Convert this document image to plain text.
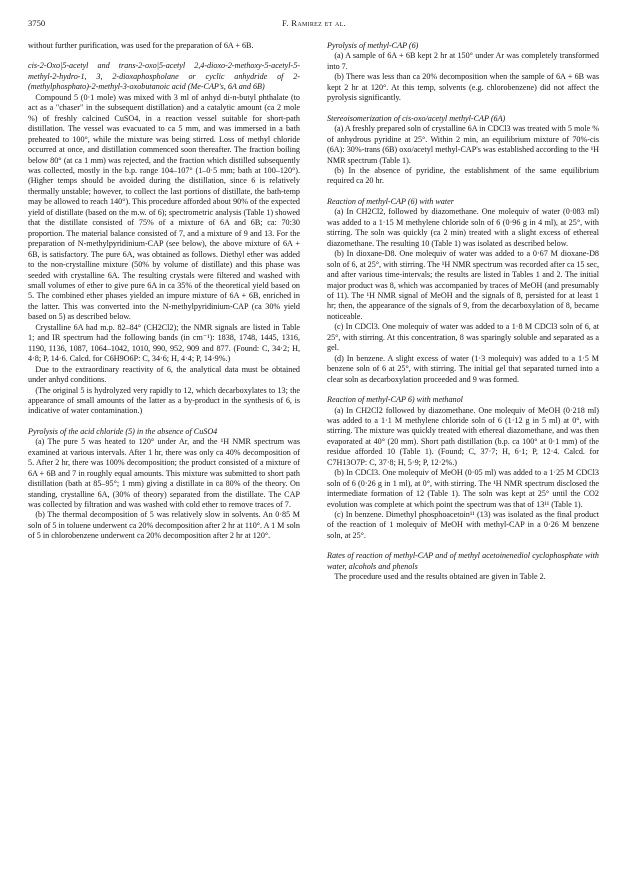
3750	F. Ramirez et al.

without further purification, was used for the preparation of 6A + 6B.

cis-2-Oxo|5-acetyl and trans-2-oxo|5-acetyl 2,4-dioxo-2-methoxy-5-acetyl-5-methyl-2-hydro-1, 3, 2-dioxaphospholane or cyclic anhydride of 2-(methylphosphato)-2-methyl-3-oxobutanoic acid (Me-CAP's, 6A and 6B)

Compound 5 (0·1 mole) was mixed with 3 ml of anhyd di-n-butyl phthalate (to act as a "chaser" in the subsequent distillation) and a catalytic amount (ca 2 mole %) of freshly calcined CuSO4, in a reaction vessel suitable for short-path distillation. The vessel was evacuated to ca 5 mm, and was immersed in a bath preheated to 100°, while the mixture was being stirred. Loss of methyl chloride occurred at once, and distillation commenced soon thereafter. The fraction boiling below 80° (at ca 1 mm) was rejected, and the fraction which distilled subsequently was collected, mostly in the b.p. range 104–107° (1–0·5 mm; bath at 100–120°). (Higher temps should be avoided during the distillation, since 6 is relatively thermally unstable; however, to collect the last portions of distillate, the bath-temp may be allowed to reach 140°). This procedure afforded about 90% of the expected yield of distillate (based on the m.w. of 6); spectrometric analysis (Table 1) showed that the distillate consisted of 75% of a mixture of 6A and 6B; ca: 70:30 proportion. The material balance consisted of 7, and a mixture of 9 and 13. For the preparation of N-methylpyridinium-CAP (see below), the above mixture of 6A + 6B, is satisfactory. The pure 6A, was obtained as follows. Diethyl ether was added to the non-crystalline mixture (50% by volume of distillate) and this phase was seeded with crystalline 6A. The resulting crystals were filtered and washed with small volumes of ether to give pure 6A in ca 35% of the theoretical yield based on 5. The combined ether phases yielded an impure mixture of 6A + 6B, enriched in the latter. This was converted into the N-methylpyridinium-CAP (ca 30% yield based on 5) as described below.

Crystalline 6A had m.p. 82–84° (CH2Cl2); the NMR signals are listed in Table 1; and IR spectrum had the following bands (in cm⁻¹): 1838, 1748, 1445, 1316, 1190, 1136, 1087, 1064–1042, 1010, 990, 952, 909 and 877. (Found: C, 34·2; H, 4·8; P, 14·6. Calcd. for C6H9O6P: C, 34·6; H, 4·4; P, 14·9%.)

Due to the extraordinary reactivity of 6, the analytical data must be obtained under anhyd conditions.

(The original 5 is hydrolyzed very rapidly to 12, which decarboxylates to 13; the appearance of small amounts of the latter as a by-product in the synthesis of 6, is indicative of water contamination.)

Pyrolysis of the acid chloride (5) in the absence of CuSO4

(a) The pure 5 was heated to 120° under Ar, and the ¹H NMR spectrum was examined at various intervals. After 1 hr, there was only ca 40% decomposition of 5. After 2 hr, there was 100% decomposition; the product consisted of a mixture of 6A + 6B and 7 in roughly equal amounts. This mixture was submitted to short path distillation (bath at 85–95°; 1 mm) giving a distillate in ca 80% of the theory. On standing, crystalline 6A, (30% of theory) separated from the distillate. The CAP was collected by filtration and was washed with cold ether to remove traces of 7.

(b) The thermal decomposition of 5 was relatively slow in solvents. An 0·85 M soln of 5 in toluene underwent ca 20% decomposition after 2 hr at 110°. A 1 M soln of 5 in chlorobenzene underwent ca 20% decomposition after 2 hr at 120°.

Pyrolysis of methyl-CAP (6)

(a) A sample of 6A + 6B kept 2 hr at 150° under Ar was completely transformed into 7.

(b) There was less than ca 20% decomposition when the sample of 6A + 6B was kept 2 hr at 120°. At this temp, solvents (e.g. chlorobenzene) did not affect the pyrolysis significantly.

Stereoisomerization of cis-oxo/acetyl methyl-CAP (6A)

(a) A freshly prepared soln of crystalline 6A in CDCl3 was treated with 5 mole % of anhydrous pyridine at 25°. Within 2 min, an equilibrium mixture of 70%-cis (6A): 30%-trans (6B) oxo/acetyl methyl-CAP's was established according to the ¹H NMR spectrum (Table 1).

(b) In the absence of pyridine, the establishment of the same equilibrium required ca 20 hr.

Reaction of methyl-CAP (6) with water

(a) In CH2Cl2, followed by diazomethane. One molequiv of water (0·083 ml) was added to a 1·15 M methylene chloride soln of 6 (0·96 g in 4 ml), at 25°, with stirring. The soln was quickly (ca 2 min) treated with a slight excess of ethereal diazomethane. The resulting 10 (Table 1) was isolated as described below.

(b) In dioxane-D8. One molequiv of water was added to a 0·67 M dioxane-D8 soln of 6, at 25°, with stirring. The ¹H NMR spectrum was recorded after ca 15 sec, and after various time-intervals; the results are listed in Tables 1 and 2. The initial major product was 8, which was accompanied by traces of MeOH (and presumably of 11). The ¹H NMR signal of MeOH and the signals of 8, persisted for at least 1 hr; then, the appearance of the signals of 9, from the decarboxylation of 8, became noticeable.

(c) In CDCl3. One molequiv of water was added to a 1·8 M CDCl3 soln of 6, at 25°, with stirring. At this concentration, 8 was sparingly soluble and separated as a gel.

(d) In benzene. A slight excess of water (1·3 molequiv) was added to a 1·5 M benzene soln of 6 at 25°, with stirring. The initial gel that separated turned into a clear soln as decarboxylation proceeded and 9 was formed.

Reaction of methyl-CAP 6) with methanol

(a) In CH2Cl2 followed by diazomethane. One molequiv of MeOH (0·218 ml) was added to a 1·1 M methylene chloride soln of 6 (1·12 g in 5 ml) at 0°, with stirring. The mixture was quickly treated with ethereal diazomethane, and was then evaporated at 40° (20 mm). Short path distillation (b.p. ca 100° at 0·1 mm) of the residue afforded 10 (Table 1). (Found; C, 37·7; H, 6·1; P, 12·4. Calcd. for C7H13O7P: C, 37·8; H, 5·9; P, 12·2%.)

(b) In CDCl3. One molequiv of MeOH (0·05 ml) was added to a 1·25 M CDCl3 soln of 6 (0·26 g in 1 ml), at 0°, with stirring. The ¹H NMR spectrum disclosed the intermediate formation of 12 (Table 1). The soln was kept at 25° until the CO2 evolution was complete at which point the spectrum was that of 13¹¹ (Table 1).

(c) In benzene. Dimethyl phosphoacetoin¹¹ (13) was isolated as the final product of the reaction of 1 molequiv of MeOH with methyl-CAP in a 0·26 M benzene soln, at 25°.

Rates of reaction of methyl-CAP and of methyl acetoinenediol cyclophosphate with water, alcohols and phenols

The procedure used and the results obtained are given in Table 2.
